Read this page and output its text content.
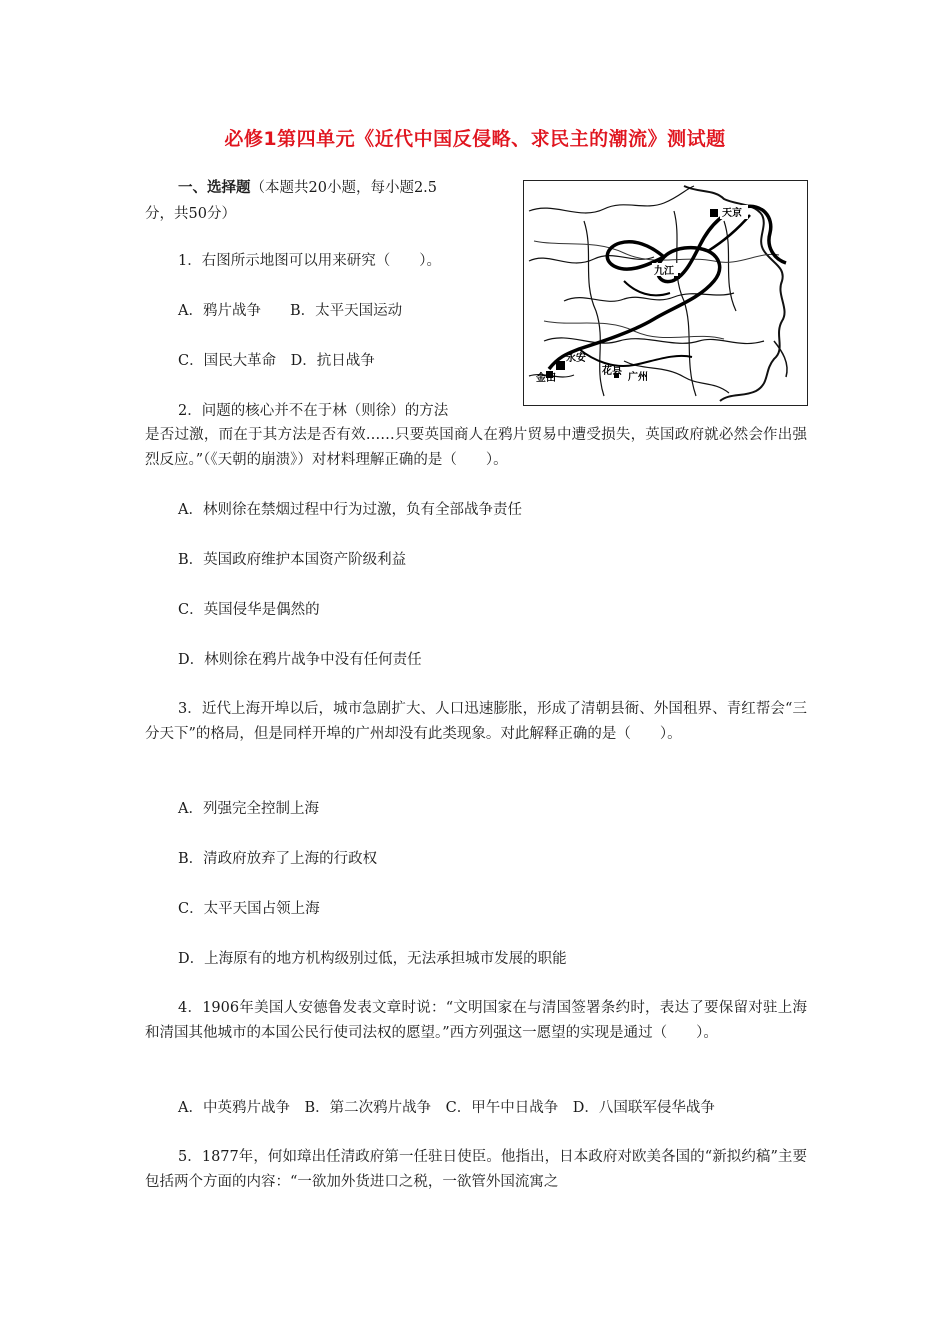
必修1第四单元《近代中国反侵略、求民主的潮流》测试题
一、选择题（本题共20小题，每小题2.5
分，共50分）	天京
九江
永安
金田
花县
广州
1．右图所示地图可以用来研究（　　）。
A．鸦片战争　　B．太平天国运动
C．国民大革命　D．抗日战争
2．问题的核心并不在于林（则徐）的方法
是否过激，而在于其方法是否有效……只要英国商人在鸦片贸易中遭受损失，英国政府就必然会作出强烈反应。”（《天朝的崩溃》）对材料理解正确的是（　　）。
A．林则徐在禁烟过程中行为过激，负有全部战争责任
B．英国政府维护本国资产阶级利益
C．英国侵华是偶然的
D．林则徐在鸦片战争中没有任何责任
3．近代上海开埠以后，城市急剧扩大、人口迅速膨胀，形成了清朝县衙、外国租界、青红帮会“三分天下”的格局，但是同样开埠的广州却没有此类现象。对此解释正确的是（　　）。
A．列强完全控制上海
B．清政府放弃了上海的行政权
C．太平天国占领上海
D．上海原有的地方机构级别过低，无法承担城市发展的职能
4．1906年美国人安德鲁发表文章时说：“文明国家在与清国签署条约时，表达了要保留对驻上海和清国其他城市的本国公民行使司法权的愿望。”西方列强这一愿望的实现是通过（　　）。
A．中英鸦片战争　B．第二次鸦片战争　C．甲午中日战争　D．八国联军侵华战争
5．1877年，何如璋出任清政府第一任驻日使臣。他指出，日本政府对欧美各国的“新拟约稿”主要包括两个方面的内容：“一欲加外货进口之税，一欲管外国流寓之
